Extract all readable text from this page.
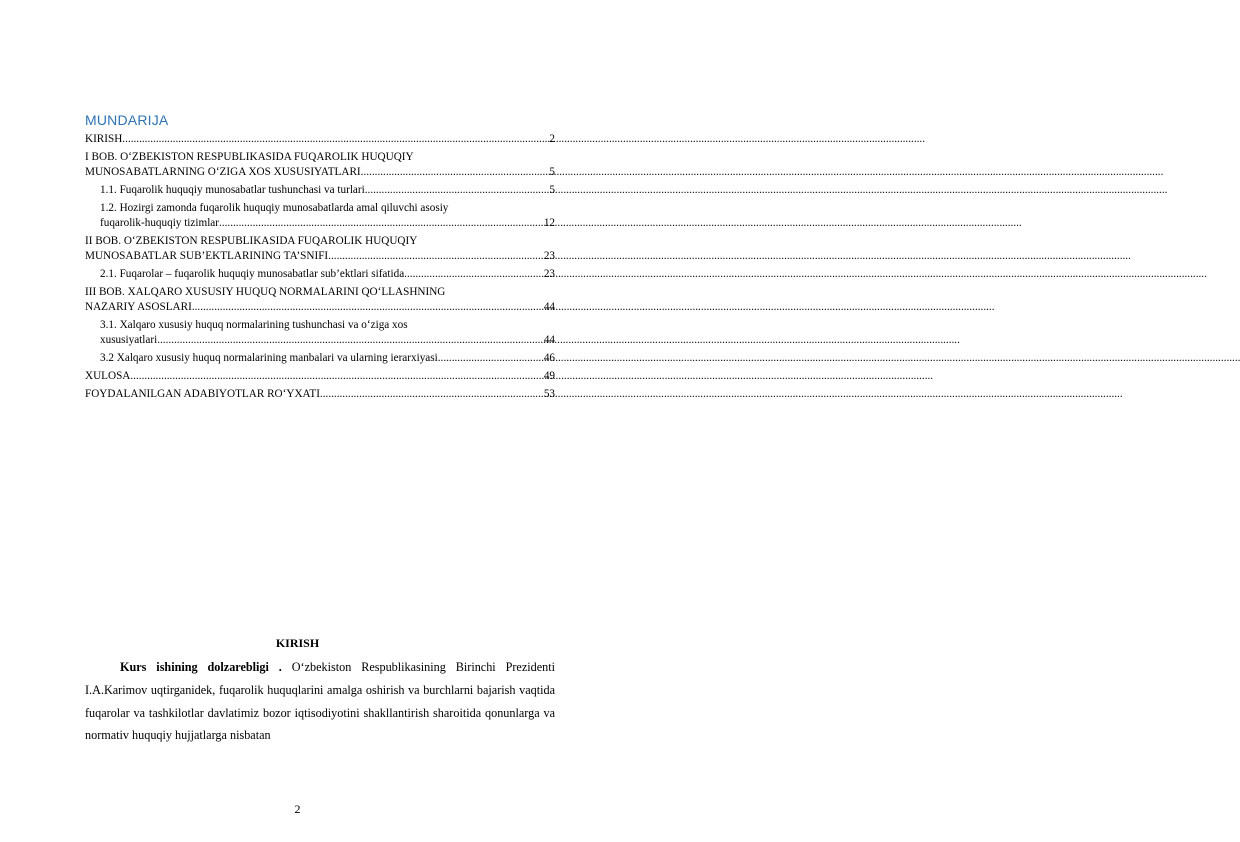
MUNDARIJA
KIRISH .....	2
I BOB. O‘ZBEKISTON RESPUBLIKASIDA FUQAROLIK HUQUQIY
MUNOSABATLARNING O‘ZIGA XOS XUSUSIYATLARI .....	5
1.1. Fuqarolik huquqiy munosabatlar tushunchasi va turlari .....	5
1.2. Hozirgi zamonda fuqarolik huquqiy munosabatlarda amal qiluvchi asosiy
fuqarolik-huquqiy tizimlar .....	12
II BOB. O‘ZBEKISTON RESPUBLIKASIDA FUQAROLIK HUQUQIY
MUNOSABATLAR SUB’EKTLARINING TA’SNIFI .....	23
2.1. Fuqarolar – fuqarolik huquqiy munosabatlar sub’ektlari sifatida .....	23
III BOB. XALQARO XUSUSIY HUQUQ NORMALARINI QO‘LLASHNING
NAZARIY ASOSLARI .....	44
3.1. Xalqaro xususiy huquq normalarining tushunchasi va o‘ziga xos
xususiyatlari .....	44
3.2 Xalqaro xususiy huquq normalarining manbalari va ularning ierarxiyasi .....	46
XULOSA .....	49
FOYDALANILGAN ADABIYOTLAR RO‘YXATI .....	53
KIRISH
Kurs ishining dolzarebligi . O‘zbekiston Respublikasining Birinchi Prezidenti I.A.Karimov uqtirganidek, fuqarolik huquqlarini amalga oshirish va burchlarni bajarish vaqtida fuqarolar va tashkilotlar davlatimiz bozor iqtisodiyotini shakllantirish sharoitida qonunlarga va normativ huquqiy hujjatlarga nisbatan
2
